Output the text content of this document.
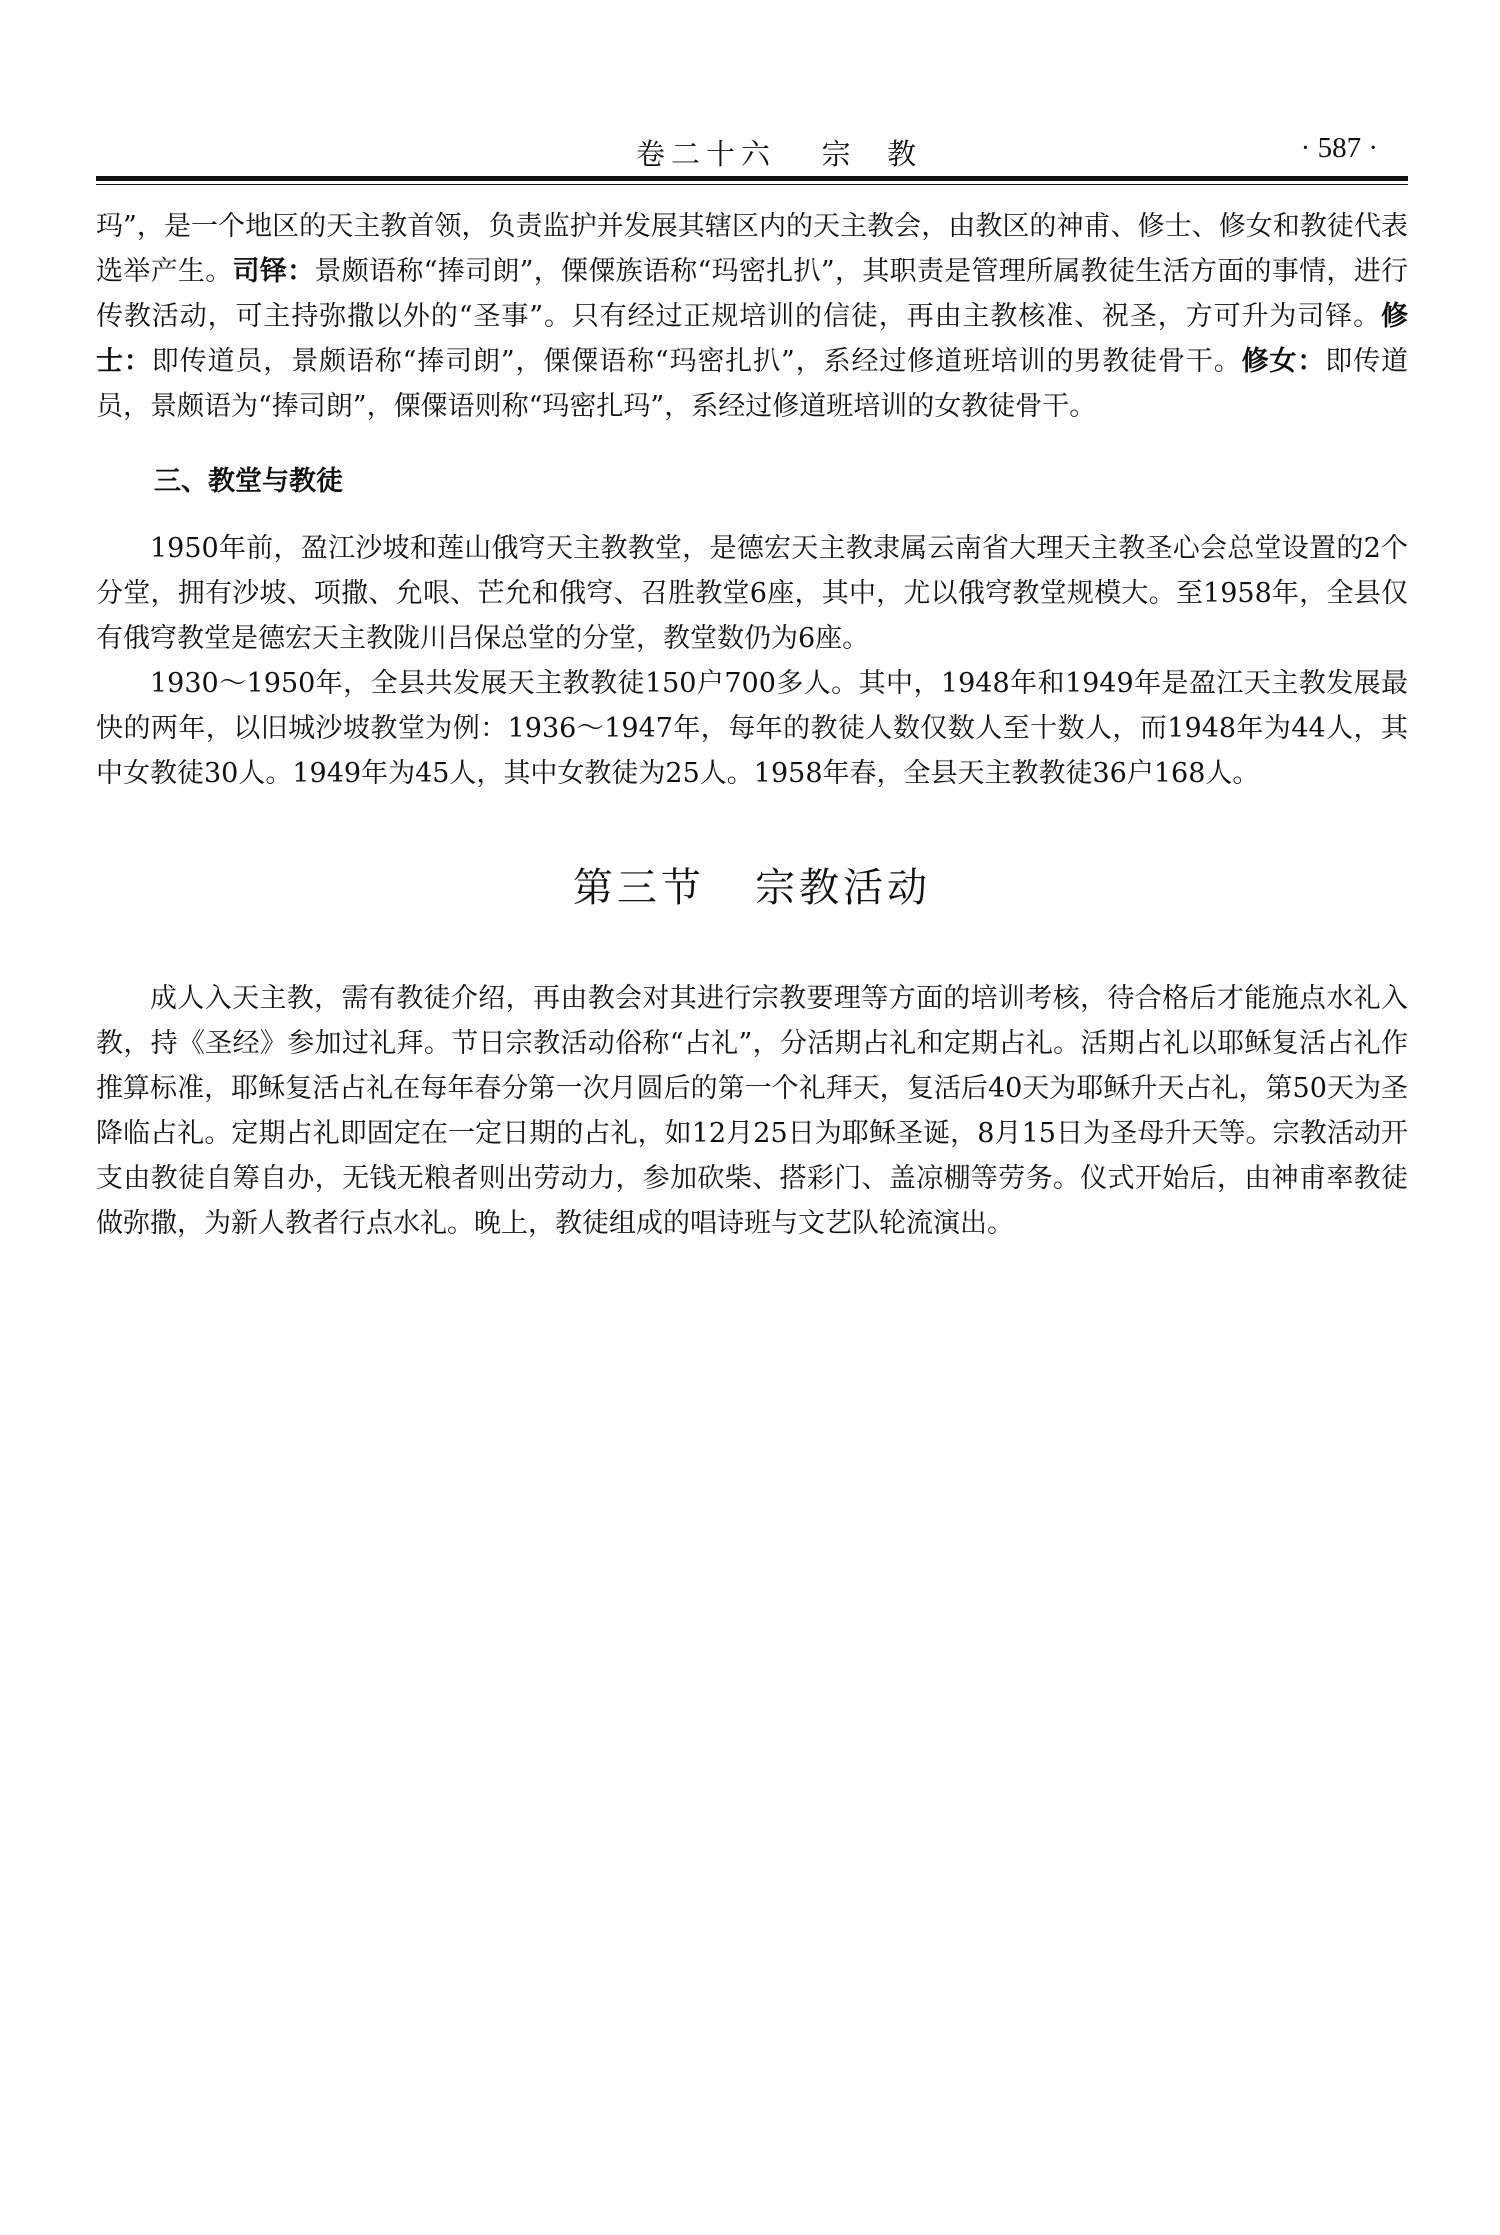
卷二十六   宗  教	· 587 ·

玛”，是一个地区的天主教首领，负责监护并发展其辖区内的天主教会，由教区的神甫、修士、修女和教徒代表选举产生。司铎：景颇语称“捧司朗”，傈僳族语称“玛密扎扒”，其职责是管理所属教徒生活方面的事情，进行传教活动，可主持弥撒以外的“圣事”。只有经过正规培训的信徒，再由主教核准、祝圣，方可升为司铎。修士：即传道员，景颇语称“捧司朗”，傈僳语称“玛密扎扒”，系经过修道班培训的男教徒骨干。修女：即传道员，景颇语为“捧司朗”，傈僳语则称“玛密扎玛”，系经过修道班培训的女教徒骨干。

三、教堂与教徒

1950年前，盈江沙坡和莲山俄穹天主教教堂，是德宏天主教隶属云南省大理天主教圣心会总堂设置的2个分堂，拥有沙坡、项撒、允哏、芒允和俄穹、召胜教堂6座，其中，尤以俄穹教堂规模大。至1958年，全县仅有俄穹教堂是德宏天主教陇川吕保总堂的分堂，教堂数仍为6座。

1930～1950年，全县共发展天主教教徒150户700多人。其中，1948年和1949年是盈江天主教发展最快的两年，以旧城沙坡教堂为例：1936～1947年，每年的教徒人数仅数人至十数人，而1948年为44人，其中女教徒30人。1949年为45人，其中女教徒为25人。1958年春，全县天主教教徒36户168人。

第三节   宗教活动

成人入天主教，需有教徒介绍，再由教会对其进行宗教要理等方面的培训考核，待合格后才能施点水礼入教，持《圣经》参加过礼拜。节日宗教活动俗称“占礼”，分活期占礼和定期占礼。活期占礼以耶稣复活占礼作推算标准，耶稣复活占礼在每年春分第一次月圆后的第一个礼拜天，复活后40天为耶稣升天占礼，第50天为圣降临占礼。定期占礼即固定在一定日期的占礼，如12月25日为耶稣圣诞，8月15日为圣母升天等。宗教活动开支由教徒自筹自办，无钱无粮者则出劳动力，参加砍柴、搭彩门、盖凉棚等劳务。仪式开始后，由神甫率教徒做弥撒，为新人教者行点水礼。晚上，教徒组成的唱诗班与文艺队轮流演出。
